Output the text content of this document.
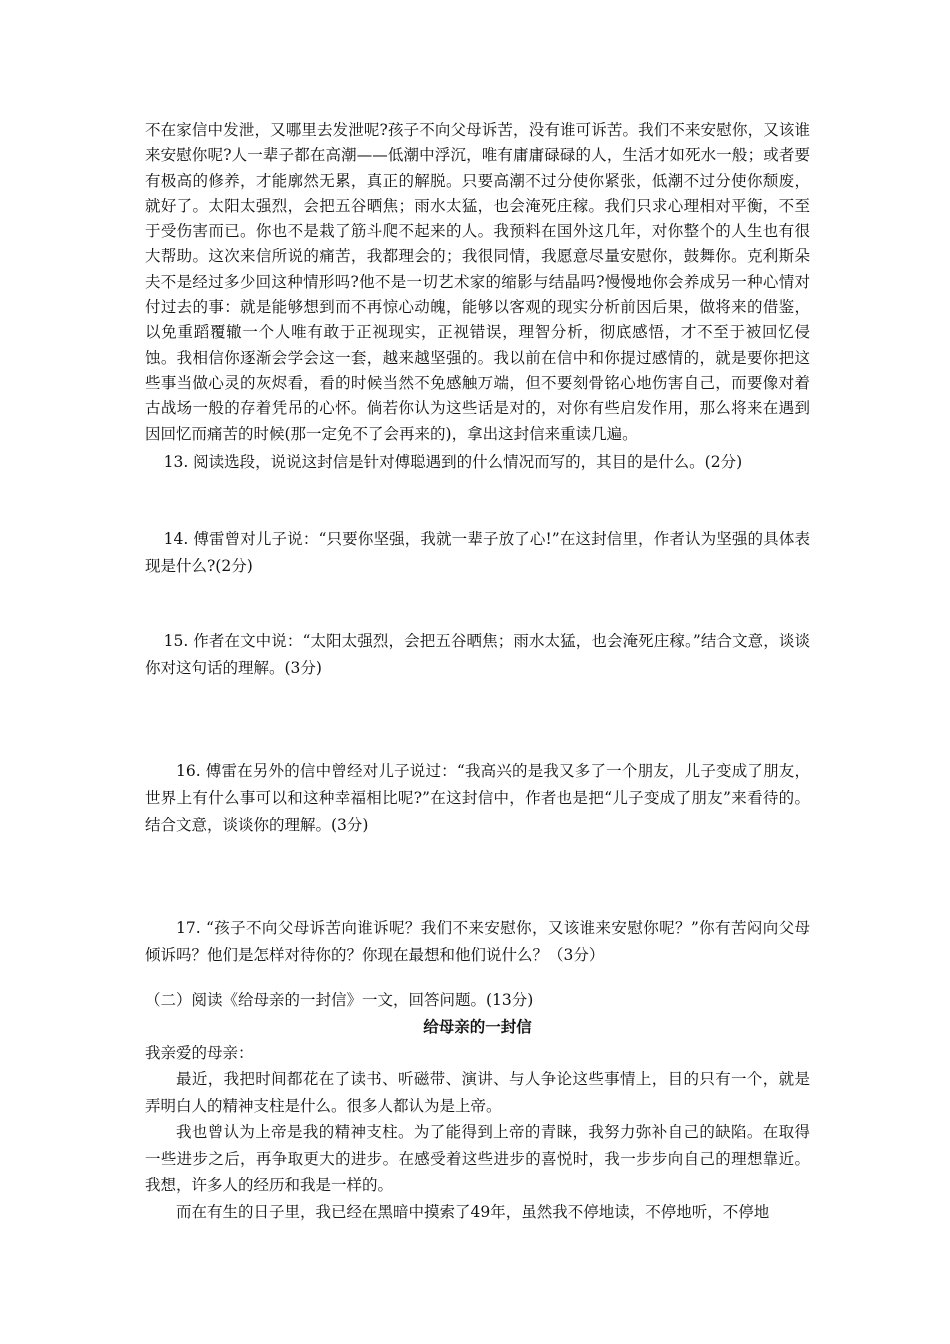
不在家信中发泄，又哪里去发泄呢?孩子不向父母诉苦，没有谁可诉苦。我们不来安慰你，又该谁来安慰你呢?人一辈子都在高潮——低潮中浮沉，唯有庸庸碌碌的人，生活才如死水一般；或者要有极高的修养，才能廓然无累，真正的解脱。只要高潮不过分使你紧张，低潮不过分使你颓废，就好了。太阳太强烈，会把五谷晒焦；雨水太猛，也会淹死庄稼。我们只求心理相对平衡，不至于受伤害而已。你也不是栽了筋斗爬不起来的人。我预料在国外这几年，对你整个的人生也有很大帮助。这次来信所说的痛苦，我都理会的；我很同情，我愿意尽量安慰你，鼓舞你。克利斯朵夫不是经过多少回这种情形吗?他不是一切艺术家的缩影与结晶吗?慢慢地你会养成另一种心情对付过去的事：就是能够想到而不再惊心动魄，能够以客观的现实分析前因后果，做将来的借鉴，以免重蹈覆辙一个人唯有敢于正视现实，正视错误，理智分析，彻底感悟，才不至于被回忆侵蚀。我相信你逐渐会学会这一套，越来越坚强的。我以前在信中和你提过感情的，就是要你把这些事当做心灵的灰烬看，看的时候当然不免感触万端，但不要刻骨铭心地伤害自己，而要像对着古战场一般的存着凭吊的心怀。倘若你认为这些话是对的，对你有些启发作用，那么将来在遇到因回忆而痛苦的时候(那一定免不了会再来的)，拿出这封信来重读几遍。

13. 阅读选段，说说这封信是针对傅聪遇到的什么情况而写的，其目的是什么。(2分)

14. 傅雷曾对儿子说：“只要你坚强，我就一辈子放了心!”在这封信里，作者认为坚强的具体表现是什么?(2分)

15. 作者在文中说：“太阳太强烈，会把五谷晒焦；雨水太猛，也会淹死庄稼。”结合文意，谈谈你对这句话的理解。(3分)

16. 傅雷在另外的信中曾经对儿子说过：“我高兴的是我又多了一个朋友，儿子变成了朋友，世界上有什么事可以和这种幸福相比呢?”在这封信中，作者也是把“儿子变成了朋友”来看待的。结合文意，谈谈你的理解。(3分)

17. “孩子不向父母诉苦向谁诉呢？我们不来安慰你，又该谁来安慰你呢？”你有苦闷向父母倾诉吗？他们是怎样对待你的？你现在最想和他们说什么？（3分）

（二）阅读《给母亲的一封信》一文，回答问题。(13分)

给母亲的一封信

我亲爱的母亲：

最近，我把时间都花在了读书、听磁带、演讲、与人争论这些事情上，目的只有一个，就是弄明白人的精神支柱是什么。很多人都认为是上帝。

我也曾认为上帝是我的精神支柱。为了能得到上帝的青睐，我努力弥补自己的缺陷。在取得一些进步之后，再争取更大的进步。在感受着这些进步的喜悦时，我一步步向自己的理想靠近。我想，许多人的经历和我是一样的。

而在有生的日子里，我已经在黑暗中摸索了49年，虽然我不停地读，不停地听，不停地
